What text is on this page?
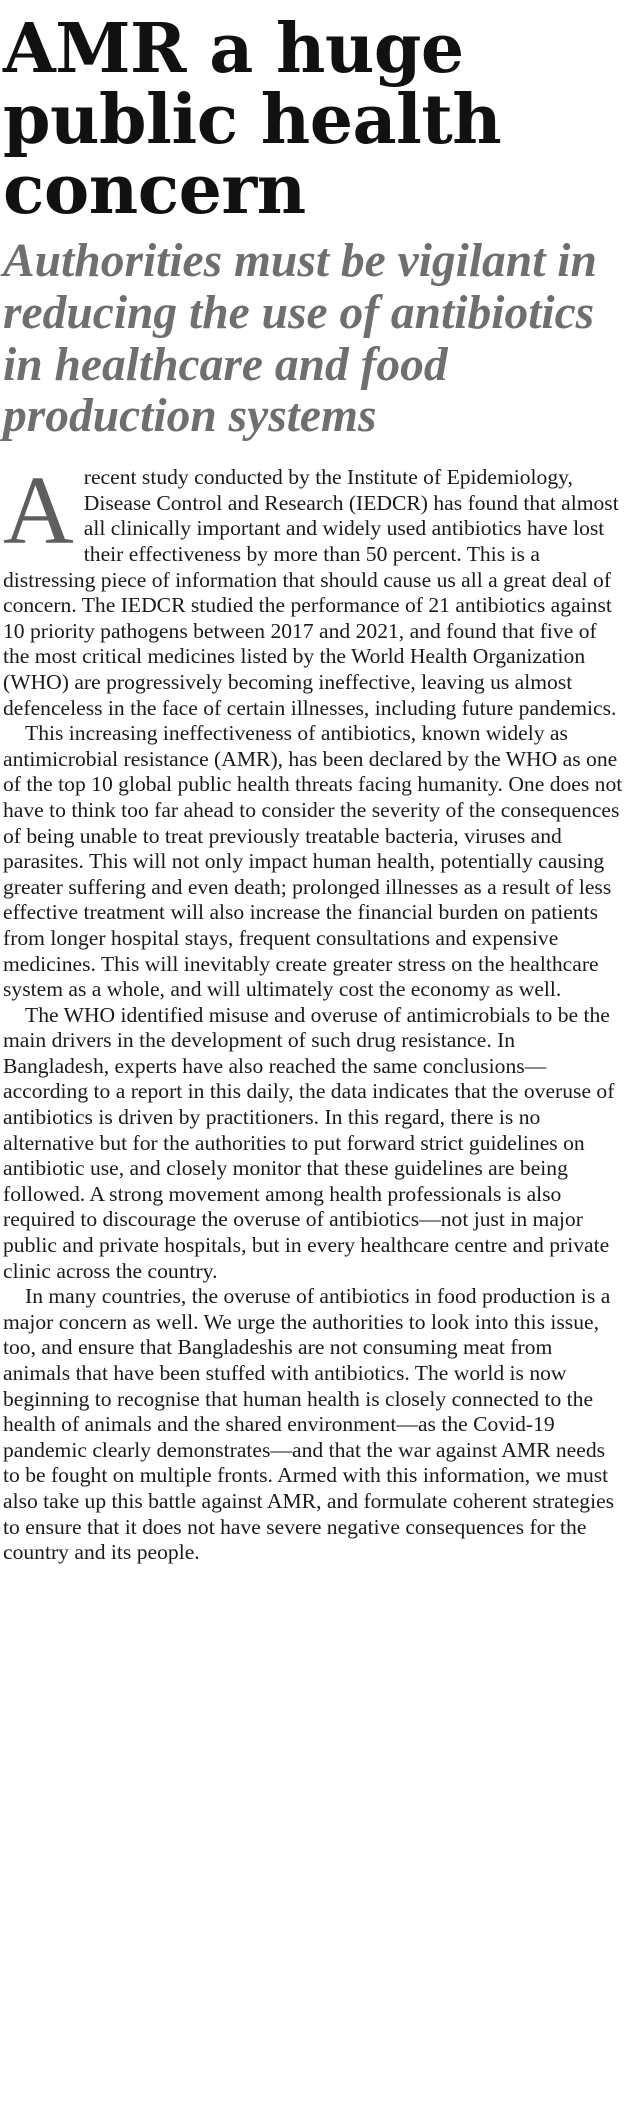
AMR a huge public health concern
Authorities must be vigilant in reducing the use of antibiotics in healthcare and food production systems

A recent study conducted by the Institute of Epidemiology, Disease Control and Research (IEDCR) has found that almost all clinically important and widely used antibiotics have lost their effectiveness by more than 50 percent. This is a distressing piece of information that should cause us all a great deal of concern. The IEDCR studied the performance of 21 antibiotics against 10 priority pathogens between 2017 and 2021, and found that five of the most critical medicines listed by the World Health Organization (WHO) are progressively becoming ineffective, leaving us almost defenceless in the face of certain illnesses, including future pandemics.

This increasing ineffectiveness of antibiotics, known widely as antimicrobial resistance (AMR), has been declared by the WHO as one of the top 10 global public health threats facing humanity. One does not have to think too far ahead to consider the severity of the consequences of being unable to treat previously treatable bacteria, viruses and parasites. This will not only impact human health, potentially causing greater suffering and even death; prolonged illnesses as a result of less effective treatment will also increase the financial burden on patients from longer hospital stays, frequent consultations and expensive medicines. This will inevitably create greater stress on the healthcare system as a whole, and will ultimately cost the economy as well.

The WHO identified misuse and overuse of antimicrobials to be the main drivers in the development of such drug resistance. In Bangladesh, experts have also reached the same conclusions—according to a report in this daily, the data indicates that the overuse of antibiotics is driven by practitioners. In this regard, there is no alternative but for the authorities to put forward strict guidelines on antibiotic use, and closely monitor that these guidelines are being followed. A strong movement among health professionals is also required to discourage the overuse of antibiotics—not just in major public and private hospitals, but in every healthcare centre and private clinic across the country.

In many countries, the overuse of antibiotics in food production is a major concern as well. We urge the authorities to look into this issue, too, and ensure that Bangladeshis are not consuming meat from animals that have been stuffed with antibiotics. The world is now beginning to recognise that human health is closely connected to the health of animals and the shared environment—as the Covid-19 pandemic clearly demonstrates—and that the war against AMR needs to be fought on multiple fronts. Armed with this information, we must also take up this battle against AMR, and formulate coherent strategies to ensure that it does not have severe negative consequences for the country and its people.
